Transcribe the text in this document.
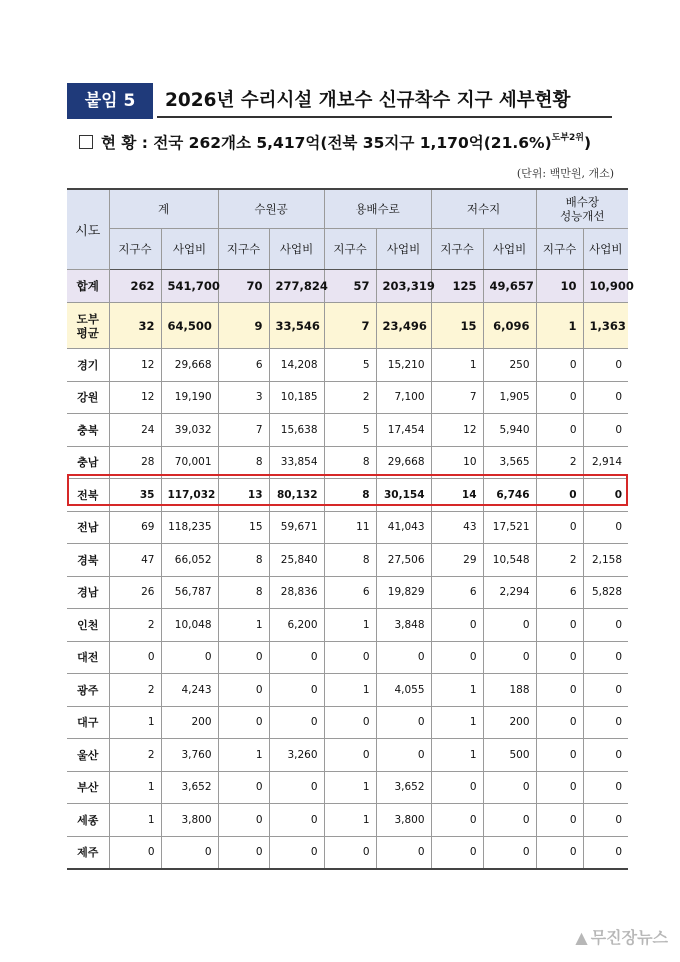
붙임 5	2026년 수리시설 개보수 신규착수 지구 세부현황
현 황 : 전국 262개소 5,417억(전북 35지구 1,170억$(21.6\%)^{도부2위}$)
(단위: 백만원, 개소)
시도	계		수원공		용배수로		저수지		배수장
성능개선	
	지구수	사업비	지구수	사업비	지구수	사업비	지구수	사업비	지구수	사업비
합계	262	541,700	70	277,824	57	203,319	125	49,657	10	10,900
도부
평균	32	64,500	9	33,546	7	23,496	15	6,096	1	1,363
경기	12	29,668	6	14,208	5	15,210	1	250	0	0
강원	12	19,190	3	10,185	2	7,100	7	1,905	0	0
충북	24	39,032	7	15,638	5	17,454	12	5,940	0	0
충남	28	70,001	8	33,854	8	29,668	10	3,565	2	2,914
전북	35	117,032	13	80,132	8	30,154	14	6,746	0	0
전남	69	118,235	15	59,671	11	41,043	43	17,521	0	0
경북	47	66,052	8	25,840	8	27,506	29	10,548	2	2,158
경남	26	56,787	8	28,836	6	19,829	6	2,294	6	5,828
인천	2	10,048	1	6,200	1	3,848	0	0	0	0
대전	0	0	0	0	0	0	0	0	0	0
광주	2	4,243	0	0	1	4,055	1	188	0	0
대구	1	200	0	0	0	0	1	200	0	0
울산	2	3,760	1	3,260	0	0	1	500	0	0
부산	1	3,652	0	0	1	3,652	0	0	0	0
세종	1	3,800	0	0	1	3,800	0	0	0	0
제주	0	0	0	0	0	0	0	0	0	0
▲ 무진장뉴스
